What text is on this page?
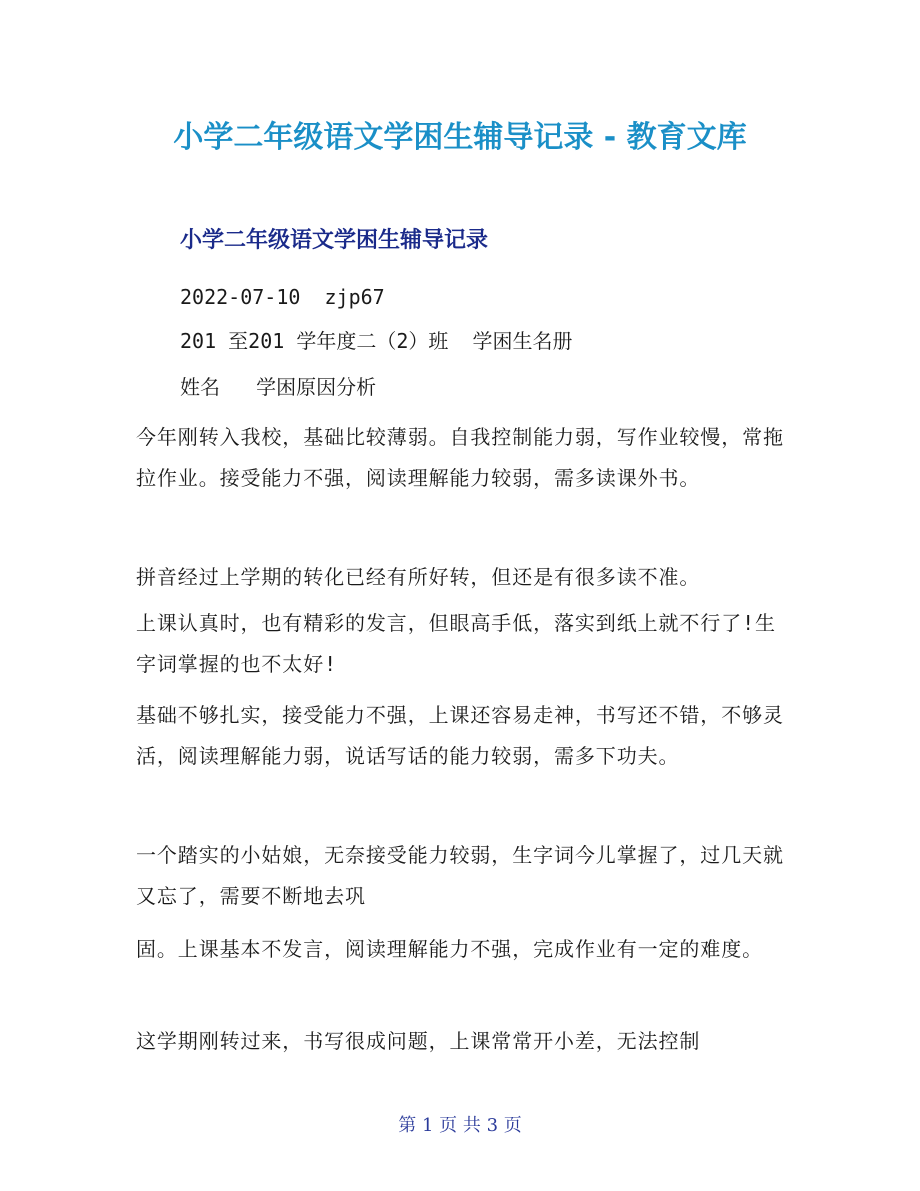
小学二年级语文学困生辅导记录 - 教育文库
小学二年级语文学困生辅导记录
2022-07-10  zjp67
201 至201 学年度二（2）班  学困生名册
姓名   学困原因分析
今年刚转入我校，基础比较薄弱。自我控制能力弱，写作业较慢，常拖拉作业。接受能力不强，阅读理解能力较弱，需多读课外书。
拼音经过上学期的转化已经有所好转，但还是有很多读不准。
上课认真时，也有精彩的发言，但眼高手低，落实到纸上就不行了!生字词掌握的也不太好!
基础不够扎实，接受能力不强，上课还容易走神，书写还不错，不够灵活，阅读理解能力弱，说话写话的能力较弱，需多下功夫。
一个踏实的小姑娘，无奈接受能力较弱，生字词今儿掌握了，过几天就又忘了，需要不断地去巩
固。上课基本不发言，阅读理解能力不强，完成作业有一定的难度。
这学期刚转过来，书写很成问题，上课常常开小差，无法控制
第 1 页 共 3 页
